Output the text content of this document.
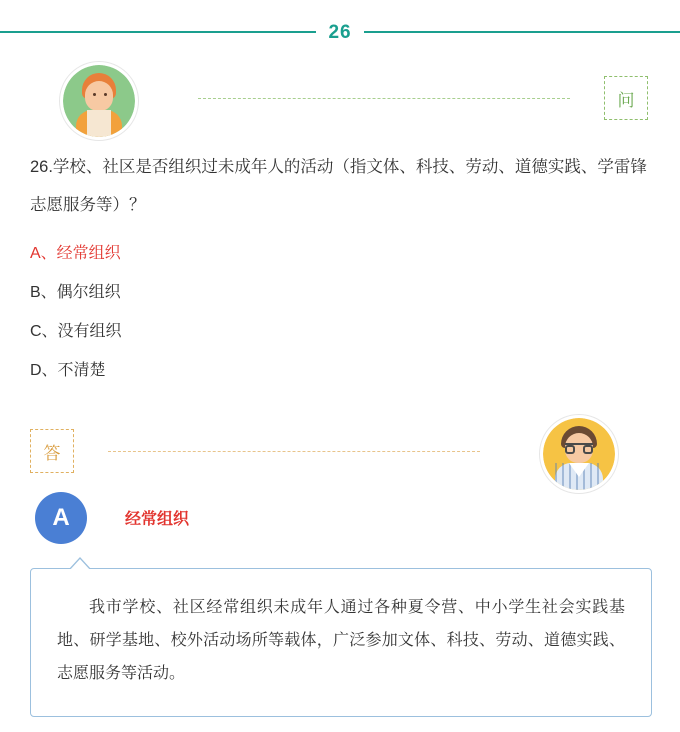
26
问
26.学校、社区是否组织过未成年人的活动（指文体、科技、劳动、道德实践、学雷锋志愿服务等）？
A、经常组织
B、偶尔组织
C、没有组织
D、不清楚
答
A	经常组织
我市学校、社区经常组织未成年人通过各种夏令营、中小学生社会实践基地、研学基地、校外活动场所等载体，广泛参加文体、科技、劳动、道德实践、志愿服务等活动。
